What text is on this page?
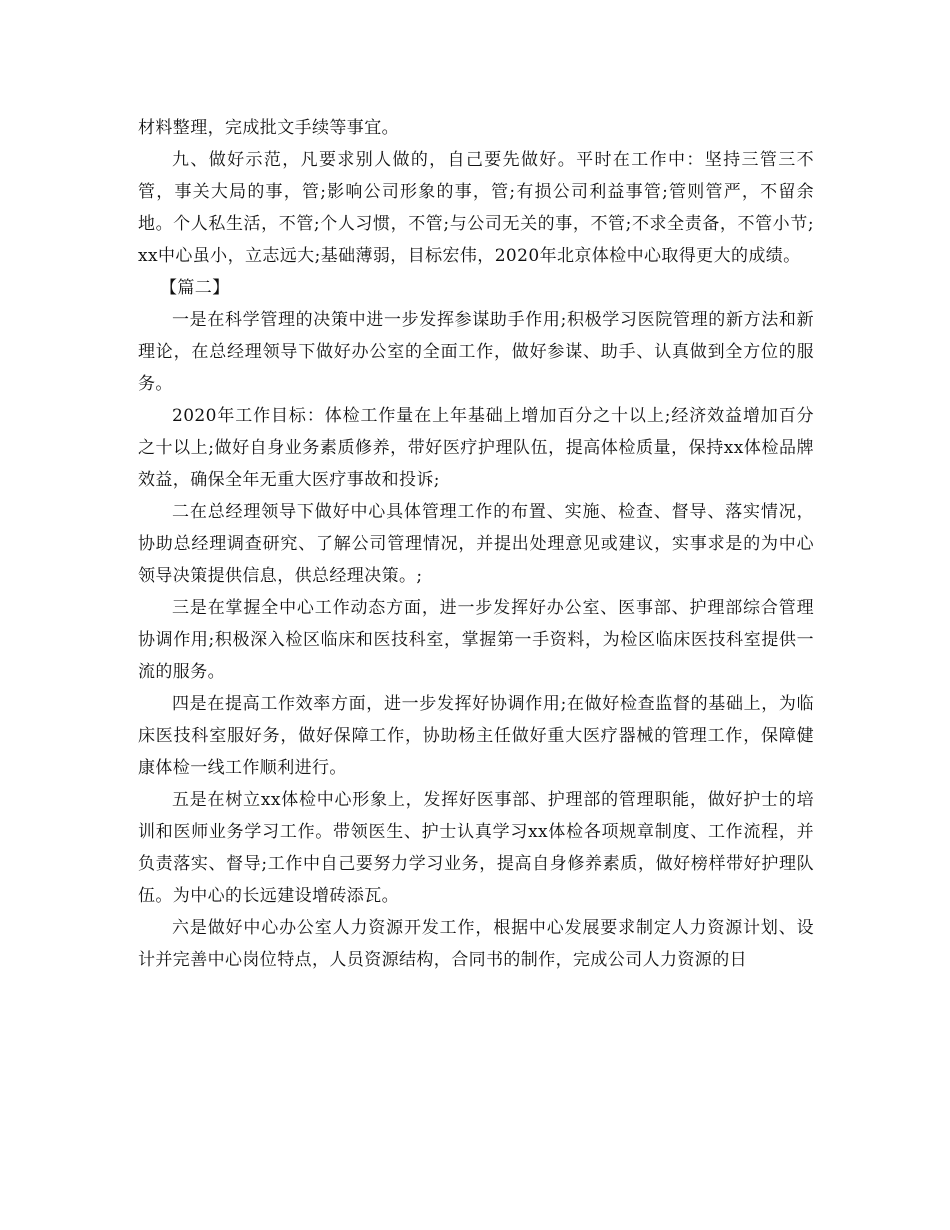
材料整理，完成批文手续等事宜。

九、做好示范，凡要求别人做的，自己要先做好。平时在工作中：坚持三管三不管，事关大局的事，管;影响公司形象的事，管;有损公司利益事管;管则管严，不留余地。个人私生活，不管;个人习惯，不管;与公司无关的事，不管;不求全责备，不管小节;xx中心虽小，立志远大;基础薄弱，目标宏伟，2020年北京体检中心取得更大的成绩。

【篇二】

一是在科学管理的决策中进一步发挥参谋助手作用;积极学习医院管理的新方法和新理论，在总经理领导下做好办公室的全面工作，做好参谋、助手、认真做到全方位的服务。

2020年工作目标：体检工作量在上年基础上增加百分之十以上;经济效益增加百分之十以上;做好自身业务素质修养，带好医疗护理队伍，提高体检质量，保持xx体检品牌效益，确保全年无重大医疗事故和投诉;

二在总经理领导下做好中心具体管理工作的布置、实施、检查、督导、落实情况，协助总经理调查研究、了解公司管理情况，并提出处理意见或建议，实事求是的为中心领导决策提供信息，供总经理决策。;

三是在掌握全中心工作动态方面，进一步发挥好办公室、医事部、护理部综合管理协调作用;积极深入检区临床和医技科室，掌握第一手资料，为检区临床医技科室提供一流的服务。

四是在提高工作效率方面，进一步发挥好协调作用;在做好检查监督的基础上，为临床医技科室服好务，做好保障工作，协助杨主任做好重大医疗器械的管理工作，保障健康体检一线工作顺利进行。

五是在树立xx体检中心形象上，发挥好医事部、护理部的管理职能，做好护士的培训和医师业务学习工作。带领医生、护士认真学习xx体检各项规章制度、工作流程，并负责落实、督导;工作中自己要努力学习业务，提高自身修养素质，做好榜样带好护理队伍。为中心的长远建设增砖添瓦。

六是做好中心办公室人力资源开发工作，根据中心发展要求制定人力资源计划、设计并完善中心岗位特点，人员资源结构，合同书的制作，完成公司人力资源的日
